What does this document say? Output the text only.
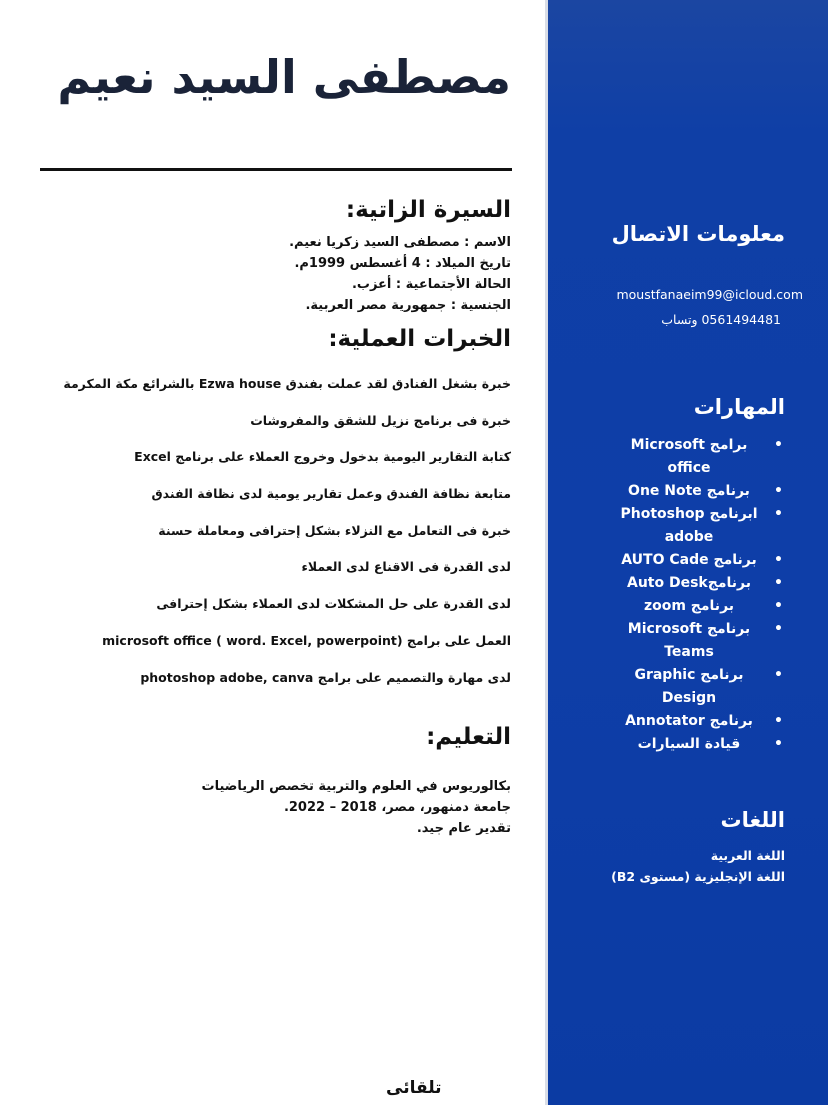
مصطفى السيد نعيم
السيرة الزاتية:
الاسم : مصطفى السيد زكريا نعيم.
تاريخ الميلاد : 4 أغسطس 1999م.
الحالة الأجتماعية : أعزب.
الجنسية : جمهورية مصر العربية.
الخبرات العملية:
خبرة بشغل الفنادق لقد عملت بفندق Ezwa house بالشرائع مكة المكرمة
خبرة فى برنامج نزيل للشقق والمفروشات
كتابة التقارير اليومية بدخول وخروج العملاء على برنامج Excel
متابعة نظافة الفندق وعمل تقارير يومية لدى نظافة الفندق
خبرة فى التعامل مع النزلاء بشكل إحترافى ومعاملة حسنة
لدى القدرة فى الاقناع لدى العملاء
لدى القدرة على حل المشكلات لدى العملاء بشكل إحترافى
العمل على برامج (microsoft office ( word. Excel, powerpoint
لدى مهارة والتصميم على برامج photoshop adobe, canva
التعليم:
بكالوريوس في العلوم والتربية تخصص الرياضيات
جامعة دمنهور، مصر، 2018 – 2022.
تقدير عام جيد.

تلقائى

معلومات الاتصال
moustfanaeim99@icloud.com
0561494481 وتساب
المهارات
•
برامج Microsoft office
•
برنامج One Note
•
ابرنامج Photoshop adobe
•
برنامج AUTO Cade
•
برنامجAuto Desk
•
برنامج zoom
•
برنامج Microsoft Teams
•
برنامج Graphic Design
•
برنامج Annotator
•
قيادة السيارات
اللغات
اللغة العربية
اللغة الإنجليزية (مستوى B2)
